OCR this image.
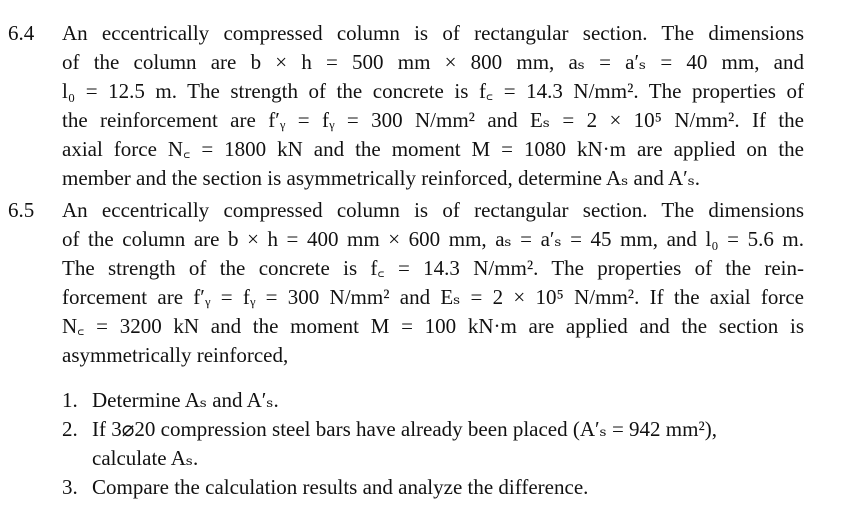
6.4 An eccentrically compressed column is of rectangular section. The dimensions
of the column are b × h = 500 mm × 800 mm, aₛ = a′ₛ = 40 mm, and
l₀ = 12.5 m. The strength of the concrete is f꜀ = 14.3 N/mm². The properties of
the reinforcement are f′ᵧ = fᵧ = 300 N/mm² and Eₛ = 2 × 10⁵ N/mm². If the
axial force N꜀ = 1800 kN and the moment M = 1080 kN·m are applied on the
member and the section is asymmetrically reinforced, determine Aₛ and A′ₛ.
6.5 An eccentrically compressed column is of rectangular section. The dimensions
of the column are b × h = 400 mm × 600 mm, aₛ = a′ₛ = 45 mm, and l₀ = 5.6 m.
The strength of the concrete is f꜀ = 14.3 N/mm². The properties of the rein-
forcement are f′ᵧ = fᵧ = 300 N/mm² and Eₛ = 2 × 10⁵ N/mm². If the axial force
N꜀ = 3200 kN and the moment M = 100 kN·m are applied and the section is
asymmetrically reinforced,
1. Determine Aₛ and A′ₛ.
2. If 3⌀20 compression steel bars have already been placed (A′ₛ = 942 mm²),
calculate Aₛ.
3. Compare the calculation results and analyze the difference.
